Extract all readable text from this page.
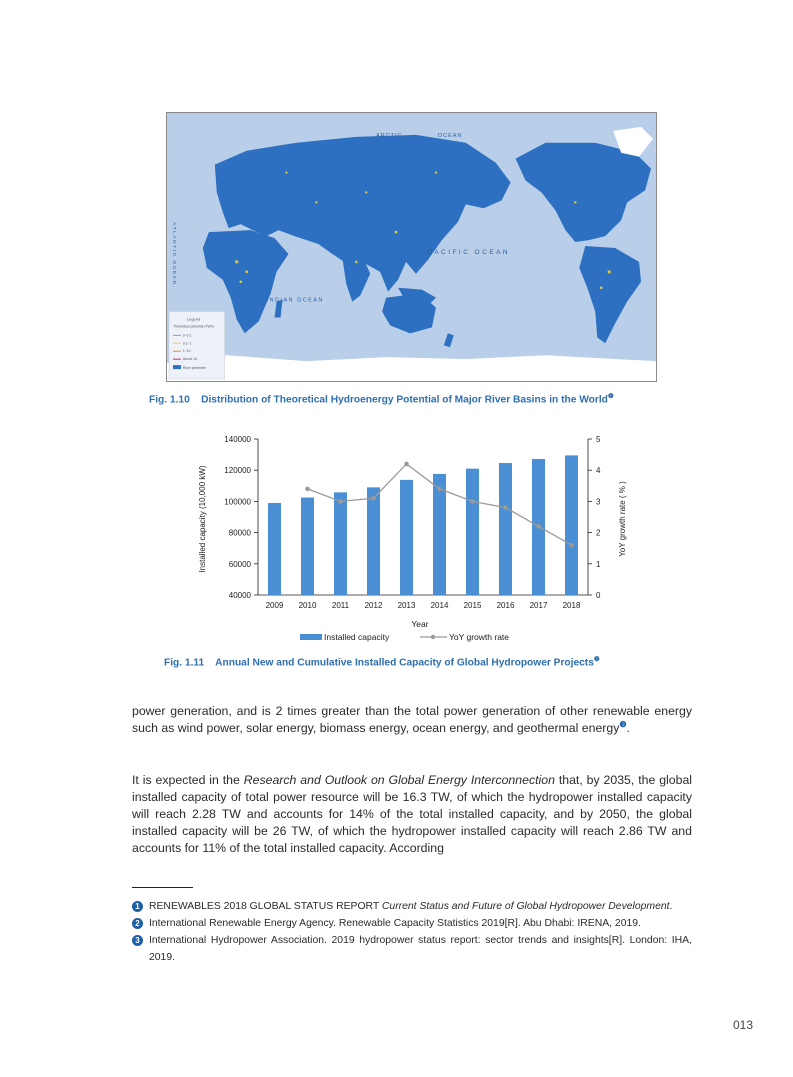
ARCTIC	OCEAN
PACIFIC OCEAN
INDIAN OCEAN
ATLANTIC OCEAN
Legend
Theoretical potential (TWh)
0~0.1
0.1~1
1~10
Above 10
River perimeter
Fig. 1.10 Distribution of Theoretical Hydroenergy Potential of Major River Basins in the World$^❶$
40000
60000
80000
100000
120000
140000
0
1
2
3
4
5
2009 2010 2011 2012 2013 2014 2015 2016 2017 2018
Installed capacity (10,000 kW)	YoY growth rate ( % )
Year
Installed capacity	YoY growth rate
Fig. 1.11 Annual New and Cumulative Installed Capacity of Global Hydropower Projects$^❷$

power generation, and is 2 times greater than the total power generation of other renewable energy such as wind power, solar energy, biomass energy, ocean energy, and geothermal energy$^❸$.

It is expected in the Research and Outlook on Global Energy Interconnection that, by 2035, the global installed capacity of total power resource will be 16.3 TW, of which the hydropower installed capacity will reach 2.28 TW and accounts for 14% of the total installed capacity, and by 2050, the global installed capacity will be 26 TW, of which the hydropower installed capacity will reach 2.86 TW and accounts for 11% of the total installed capacity. According

1 RENEWABLES 2018 GLOBAL STATUS REPORT Current Status and Future of Global Hydropower Development.
2 International Renewable Energy Agency. Renewable Capacity Statistics 2019[R]. Abu Dhabi: IRENA, 2019.
3 International Hydropower Association. 2019 hydropower status report: sector trends and insights[R]. London: IHA, 2019.
013
